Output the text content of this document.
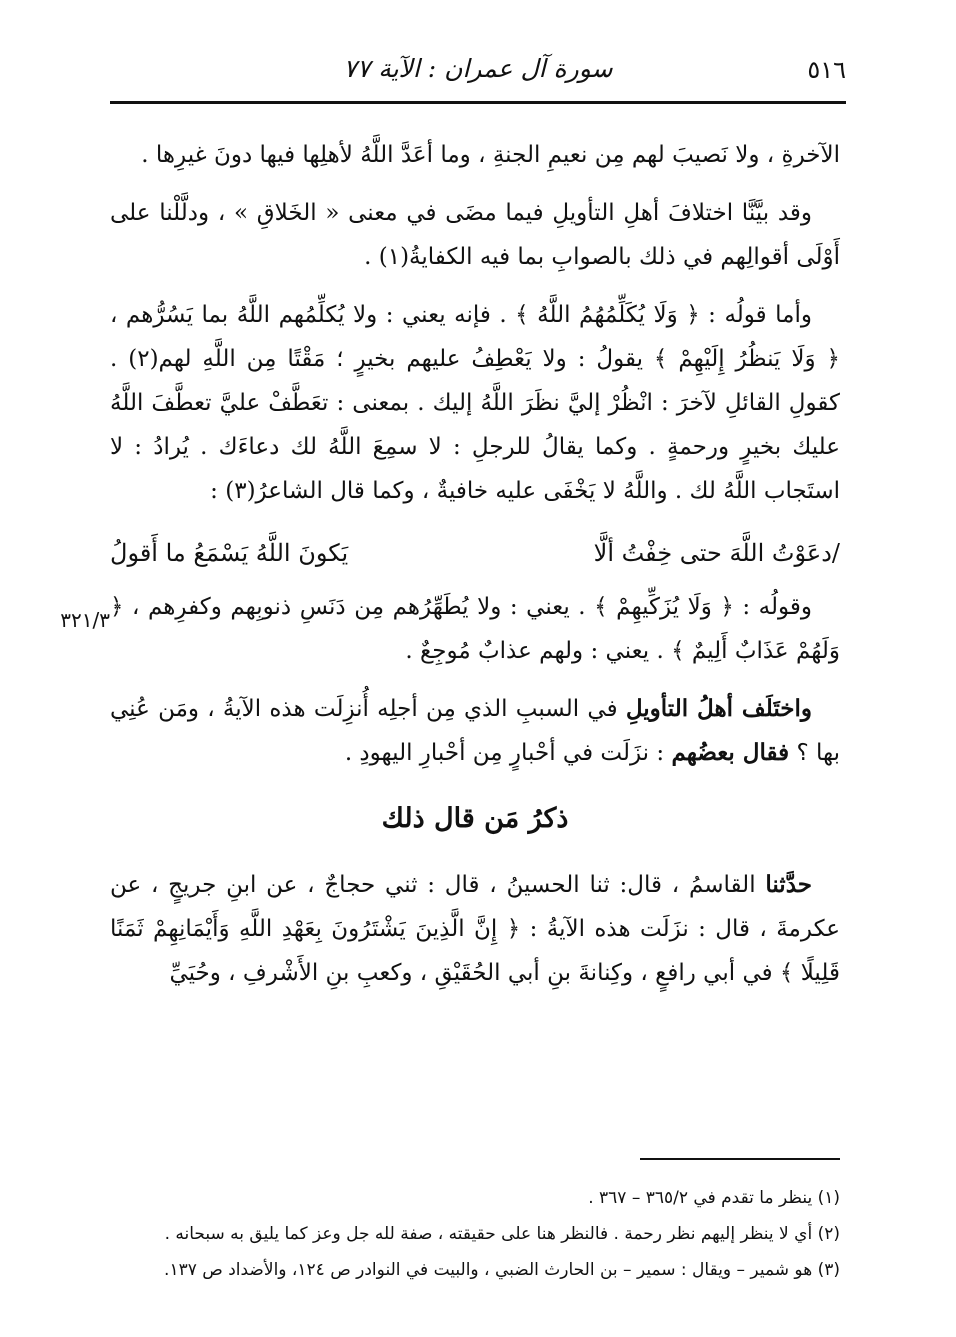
٥١٦
سورة آل عمران : الآية ٧٧
٣٢١/٣

الآخرةِ ، ولا نَصيبَ لهم مِن نعيمِ الجنةِ ، وما أعَدَّ اللَّهُ لأهلِها فيها دونَ غيرِها .

وقد بيَّنَّا اختلافَ أهلِ التأويلِ فيما مضَى في معنى « الخَلاقِ » ، ودلَّلْنا على أَوْلَى أقوالِهم في ذلك بالصوابِ بما فيه الكفايةُ(١) .

وأما قولُه : ﴿ وَلَا يُكَلِّمُهُمُ اللَّهُ ﴾ . فإنه يعني : ولا يُكلِّمُهم اللَّهُ بما يَسُرُّهم ، ﴿ وَلَا يَنظُرُ إِلَيْهِمْ ﴾ يقولُ : ولا يَعْطِفُ عليهم بخيرٍ ؛ مَقْتًا مِن اللَّهِ لهم(٢) . كقولِ القائلِ لآخرَ : انْظُرْ إليَّ نظَرَ اللَّهُ إليك . بمعنى : تعَطَّفْ عليَّ تعطَّفَ اللَّهُ عليك بخيرٍ ورحمةٍ . وكما يقالُ للرجلِ : لا سمِعَ اللَّهُ لك دعاءَك . يُرادُ : لا استَجاب اللَّهُ لك . واللَّهُ لا يَخْفَى عليه خافيةٌ ، وكما قال الشاعرُ(٣) :

/دعَوْتُ اللَّهَ حتى خِفْتُ ألَّا
يَكونَ اللَّهُ يَسْمَعُ ما أَقولُ

وقولُه : ﴿ وَلَا يُزَكِّيهِمْ ﴾ . يعني : ولا يُطَهِّرُهم مِن دَنَسِ ذنوبِهم وكفرِهم ، ﴿ وَلَهُمْ عَذَابٌ أَلِيمٌ ﴾ . يعني : ولهم عذابٌ مُوجِعٌ .

واختَلَف أهلُ التأويلِ في السببِ الذي مِن أجلِه أُنزِلَت هذه الآيةُ ، ومَن عُنِي بها ؟ فقال بعضُهم : نزَلَت في أحْبارٍ مِن أحْبارِ اليهودِ .

ذكرُ مَن قال ذلك

حدَّثنا القاسمُ ، قال: ثنا الحسينُ ، قال : ثني حجاجٌ ، عن ابنِ جريجٍ ، عن عكرمةَ ، قال : نزَلَت هذه الآيةُ : ﴿ إِنَّ الَّذِينَ يَشْتَرُونَ بِعَهْدِ اللَّهِ وَأَيْمَانِهِمْ ثَمَنًا قَلِيلًا ﴾ في أبي رافعٍ ، وكِنانةَ بنِ أبي الحُقَيْقِ ، وكعبِ بنِ الأَشْرفِ ، وحُيَيِّ

(١) ينظر ما تقدم في ٣٦٥/٢ – ٣٦٧ .

(٢) أي لا ينظر إليهم نظر رحمة . فالنظر هنا على حقيقته ، صفة لله جل وعز كما يليق به سبحانه .

(٣) هو شمير – ويقال : سمير – بن الحارث الضبي ، والبيت في النوادر ص ١٢٤، والأضداد ص ١٣٧.
